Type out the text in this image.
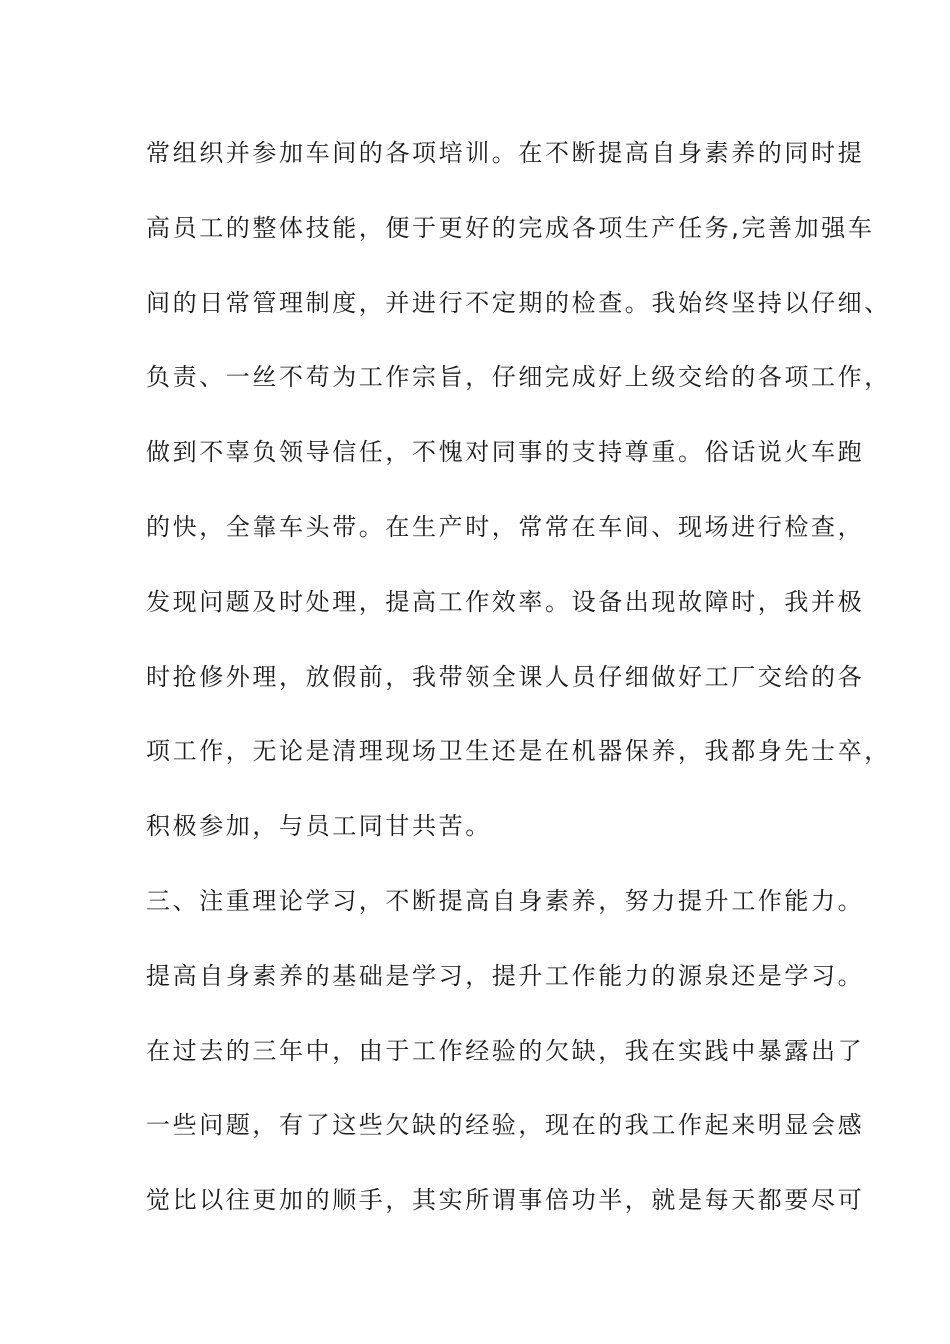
常组织并参加车间的各项培训。在不断提高自身素养的同时提

高员工的整体技能，便于更好的完成各项生产任务,完善加强车

间的日常管理制度，并进行不定期的检查。我始终坚持以仔细、

负责、一丝不苟为工作宗旨，仔细完成好上级交给的各项工作，

做到不辜负领导信任，不愧对同事的支持尊重。俗话说火车跑

的快，全靠车头带。在生产时，常常在车间、现场进行检查，

发现问题及时处理，提高工作效率。设备出现故障时，我并极

时抢修外理，放假前，我带领全课人员仔细做好工厂交给的各

项工作，无论是清理现场卫生还是在机器保养，我都身先士卒，

积极参加，与员工同甘共苦。

三、注重理论学习，不断提高自身素养，努力提升工作能力。

提高自身素养的基础是学习，提升工作能力的源泉还是学习。

在过去的三年中，由于工作经验的欠缺，我在实践中暴露出了

一些问题，有了这些欠缺的经验，现在的我工作起来明显会感

觉比以往更加的顺手，其实所谓事倍功半，就是每天都要尽可
